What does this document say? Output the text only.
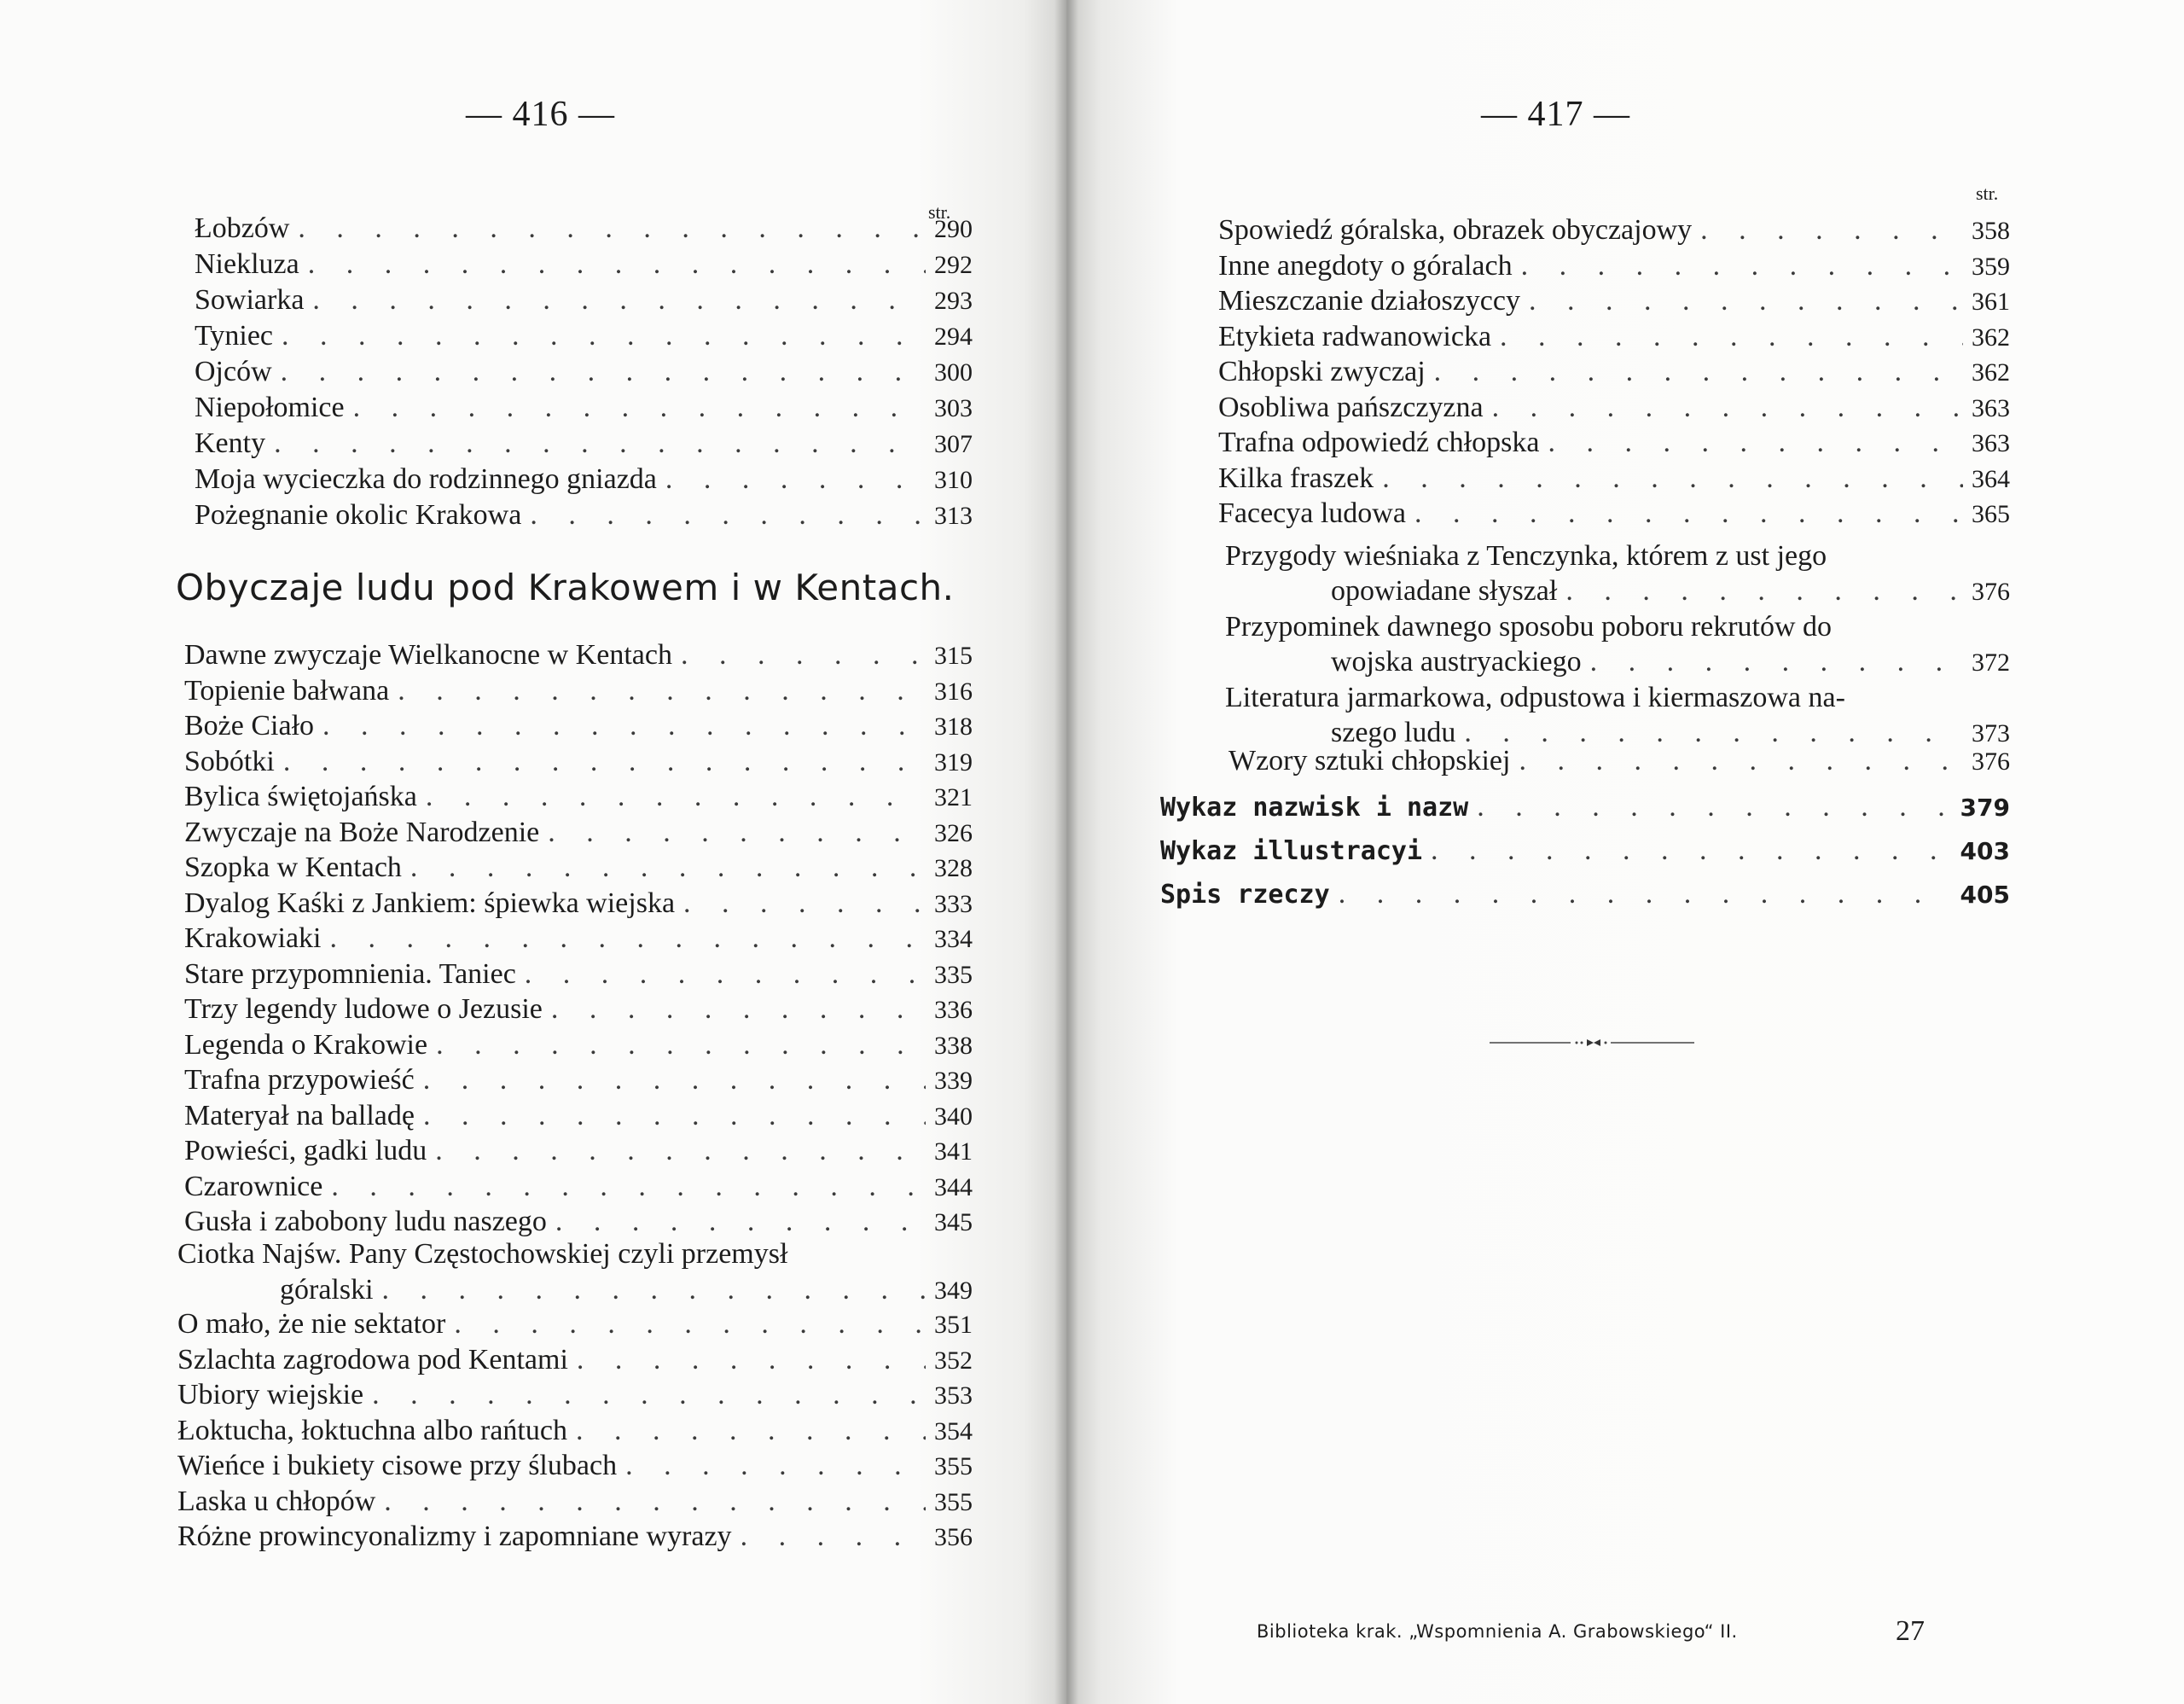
— 416 —
str.
Łobzów . . .	290
Niekluza . . .	292
Sowiarka . . .	293
Tyniec . . .	294
Ojców . . .	300
Niepołomice . . .	303
Kenty . . .	307
Moja wycieczka do rodzinnego gniazda . . .	310
Pożegnanie okolic Krakowa . . .	313
Obyczaje ludu pod Krakowem i w Kentach.
Dawne zwyczaje Wielkanocne w Kentach . . .	315
Topienie bałwana . . .	316
Boże Ciało . . .	318
Sobótki . . .	319
Bylica świętojańska . . .	321
Zwyczaje na Boże Narodzenie . . .	326
Szopka w Kentach . . .	328
Dyalog Kaśki z Jankiem: śpiewka wiejska . . .	333
Krakowiaki . . .	334
Stare przypomnienia. Taniec . . .	335
Trzy legendy ludowe o Jezusie . . .	336
Legenda o Krakowie . . .	338
Trafna przypowieść . . .	339
Materyał na balladę . . .	340
Powieści, gadki ludu . . .	341
Czarownice . . .	344
Gusła i zabobony ludu naszego . . .	345
Ciotka Najśw. Pany Częstochowskiej czyli przemysł
góralski . . .	349
O mało, że nie sektator . . .	351
Szlachta zagrodowa pod Kentami . . .	352
Ubiory wiejskie . . .	353
Łoktucha, łoktuchna albo rańtuch . . .	354
Wieńce i bukiety cisowe przy ślubach . . .	355
Laska u chłopów . . .	355
Różne prowincyonalizmy i zapomniane wyrazy . . .	356
— 417 —
str.
Spowiedź góralska, obrazek obyczajowy . . .	358
Inne anegdoty o góralach . . .	359
Mieszczanie działoszyccy . . .	361
Etykieta radwanowicka . . .	362
Chłopski zwyczaj . . .	362
Osobliwa pańszczyzna . . .	363
Trafna odpowiedź chłopska . . .	363
Kilka fraszek . . .	364
Facecya ludowa . . .	365
Przygody wieśniaka z Tenczynka, którem z ust jego
opowiadane słyszał . . .	376
Przypominek dawnego sposobu poboru rekrutów do
wojska austryackiego . . .	372
Literatura jarmarkowa, odpustowa i kiermaszowa na-
szego ludu . . .	373
Wzory sztuki chłopskiej . . .	376
Wykaz nazwisk i nazw . . .	379
Wykaz illustracyi . . .	403
Spis rzeczy . . .	405
Biblioteka krak. „Wspomnienia A. Grabowskiego“ II.	27
